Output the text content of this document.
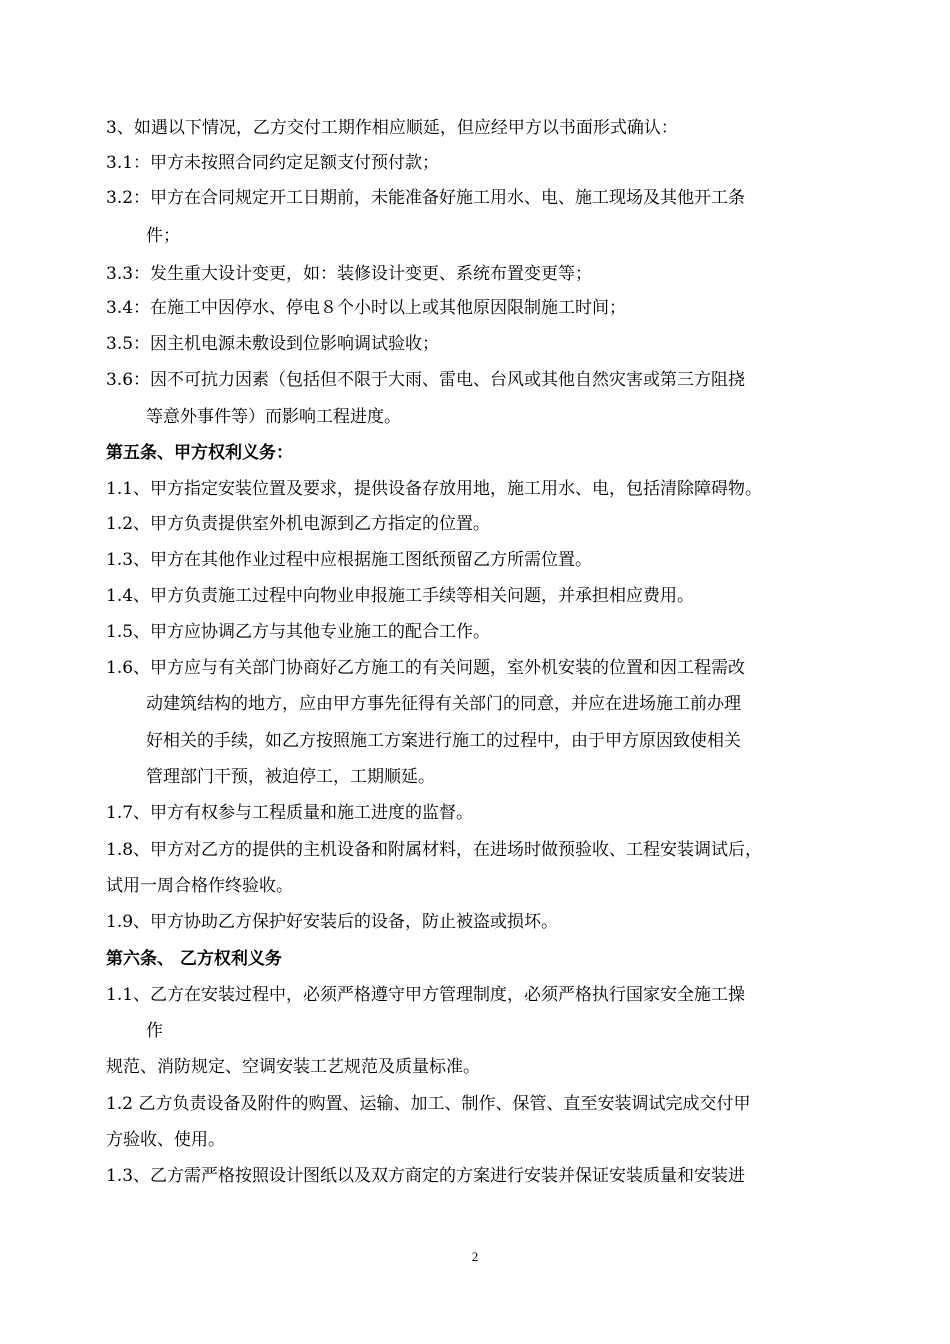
3、如遇以下情况，乙方交付工期作相应顺延，但应经甲方以书面形式确认：
3.1：甲方未按照合同约定足额支付预付款；
3.2：甲方在合同规定开工日期前，未能准备好施工用水、电、施工现场及其他开工条
件；
3.3：发生重大设计变更，如：装修设计变更、系统布置变更等；
3.4：在施工中因停水、停电８个小时以上或其他原因限制施工时间；
3.5：因主机电源未敷设到位影响调试验收；
3.6：因不可抗力因素（包括但不限于大雨、雷电、台风或其他自然灾害或第三方阻挠
等意外事件等）而影响工程进度。
第五条、甲方权利义务：
1.1、甲方指定安装位置及要求，提供设备存放用地，施工用水、电，包括清除障碍物。
1.2、甲方负责提供室外机电源到乙方指定的位置。
1.3、甲方在其他作业过程中应根据施工图纸预留乙方所需位置。
1.4、甲方负责施工过程中向物业申报施工手续等相关问题，并承担相应费用。
1.5、甲方应协调乙方与其他专业施工的配合工作。
1.6、甲方应与有关部门协商好乙方施工的有关问题，室外机安装的位置和因工程需改
动建筑结构的地方，应由甲方事先征得有关部门的同意，并应在进场施工前办理
好相关的手续，如乙方按照施工方案进行施工的过程中，由于甲方原因致使相关
管理部门干预，被迫停工，工期顺延。
1.7、甲方有权参与工程质量和施工进度的监督。
1.8、甲方对乙方的提供的主机设备和附属材料，在进场时做预验收、工程安装调试后，
试用一周合格作终验收。
1.9、甲方协助乙方保护好安装后的设备，防止被盗或损坏。
第六条、 乙方权利义务
1.1、乙方在安装过程中，必须严格遵守甲方管理制度，必须严格执行国家安全施工操
作
规范、消防规定、空调安装工艺规范及质量标准。
1.2 乙方负责设备及附件的购置、运输、加工、制作、保管、直至安装调试完成交付甲
方验收、使用。
1.3、乙方需严格按照设计图纸以及双方商定的方案进行安装并保证安装质量和安装进
2
